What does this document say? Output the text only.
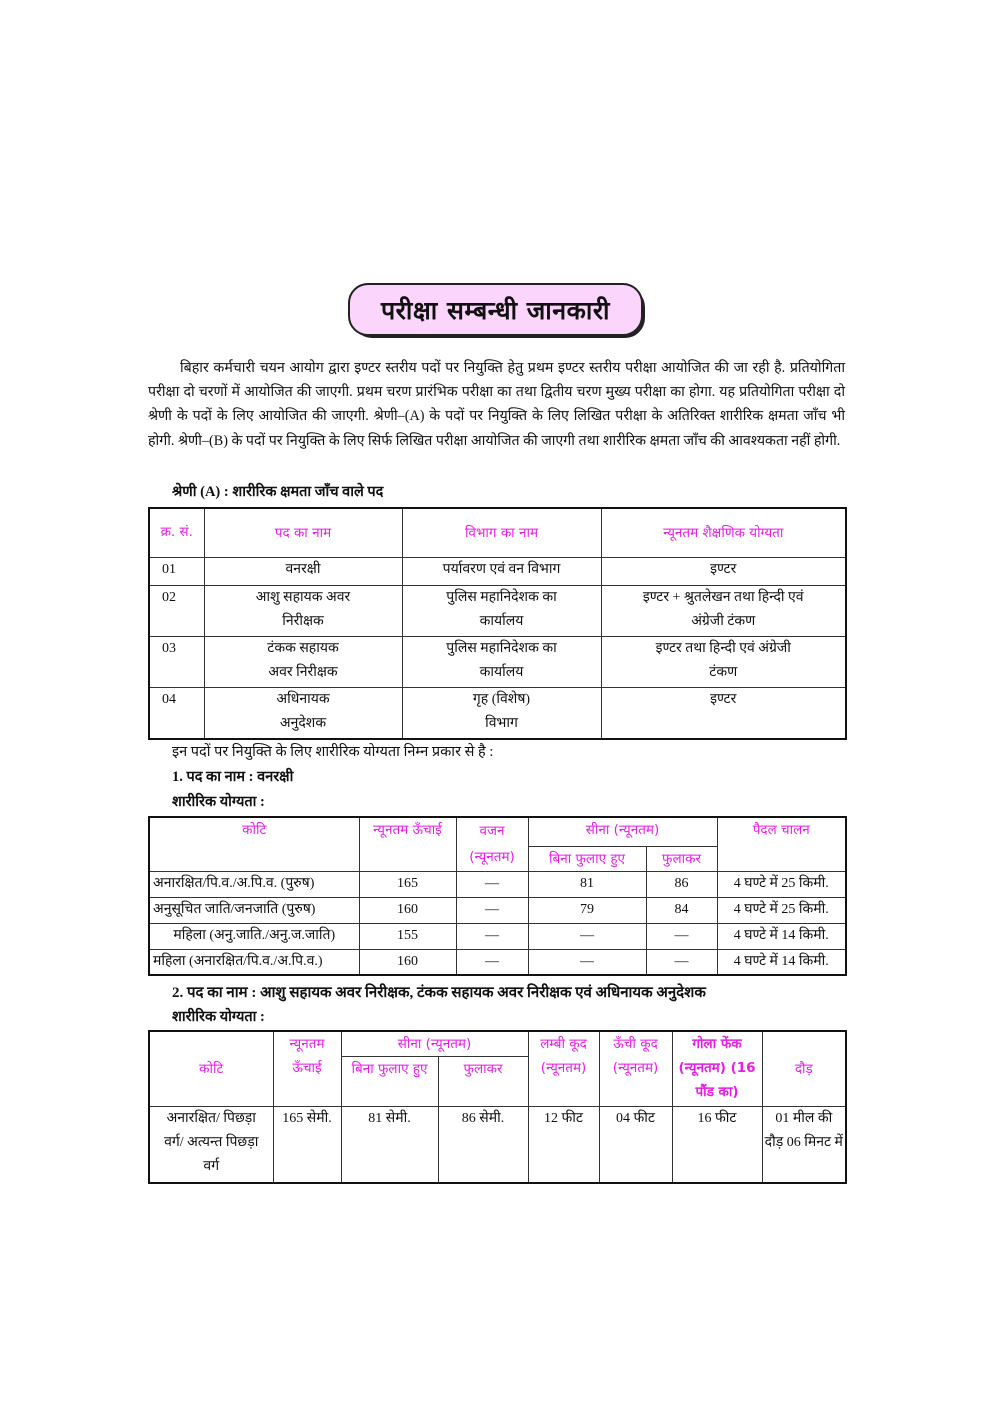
परीक्षा सम्बन्धी जानकारी
बिहार कर्मचारी चयन आयोग द्वारा इण्टर स्तरीय पदों पर नियुक्ति हेतु प्रथम इण्टर स्तरीय परीक्षा आयोजित की जा रही है. प्रतियोगिता परीक्षा दो चरणों में आयोजित की जाएगी. प्रथम चरण प्रारंभिक परीक्षा का तथा द्वितीय चरण मुख्य परीक्षा का होगा. यह प्रतियोगिता परीक्षा दो श्रेणी के पदों के लिए आयोजित की जाएगी. श्रेणी–(A) के पदों पर नियुक्ति के लिए लिखित परीक्षा के अतिरिक्त शारीरिक क्षमता जाँच भी होगी. श्रेणी–(B) के पदों पर नियुक्ति के लिए सिर्फ लिखित परीक्षा आयोजित की जाएगी तथा शारीरिक क्षमता जाँच की आवश्यकता नहीं होगी.
श्रेणी (A) : शारीरिक क्षमता जाँच वाले पद
क्र. सं.	पद का नाम	विभाग का नाम	न्यूनतम शैक्षणिक योग्यता
01	वनरक्षी	पर्यावरण एवं वन विभाग	इण्टर
02	आशु सहायक अवर निरीक्षक	पुलिस महानिदेशक का कार्यालय	इण्टर + श्रुतलेखन तथा हिन्दी एवं अंग्रेजी टंकण
03	टंकक सहायक अवर निरीक्षक	पुलिस महानिदेशक का कार्यालय	इण्टर तथा हिन्दी एवं अंग्रेजी टंकण
04	अधिनायक अनुदेशक	गृह (विशेष) विभाग	इण्टर
इन पदों पर नियुक्ति के लिए शारीरिक योग्यता निम्न प्रकार से है :
1. पद का नाम : वनरक्षी
शारीरिक योग्यता :
कोटि	न्यूनतम ऊँचाई	वजन (न्यूनतम)	सीना (न्यूनतम)		पैदल चालन
			बिना फुलाए हुए	फुलाकर	
अनारक्षित/पि.व./अ.पि.व. (पुरुष)	165	—	81	86	4 घण्टे में 25 किमी.
अनुसूचित जाति/जनजाति (पुरुष)	160	—	79	84	4 घण्टे में 25 किमी.
महिला (अनु.जाति./अनु.ज.जाति)	155	—	—	—	4 घण्टे में 14 किमी.
महिला (अनारक्षित/पि.व./अ.पि.व.)	160	—	—	—	4 घण्टे में 14 किमी.
2. पद का नाम : आशु सहायक अवर निरीक्षक, टंकक सहायक अवर निरीक्षक एवं अधिनायक अनुदेशक
शारीरिक योग्यता :
कोटि	न्यूनतम ऊँचाई	सीना (न्यूनतम)		लम्बी कूद (न्यूनतम)	ऊँची कूद (न्यूनतम)	गोला फेंक (न्यूनतम) (16 पौंड का)	दौड़
		बिना फुलाए हुए	फुलाकर				
अनारक्षित/ पिछड़ा वर्ग/ अत्यन्त पिछड़ा वर्ग	165 सेमी.	81 सेमी.	86 सेमी.	12 फीट	04 फीट	16 फीट	01 मील की दौड़ 06 मिनट में
